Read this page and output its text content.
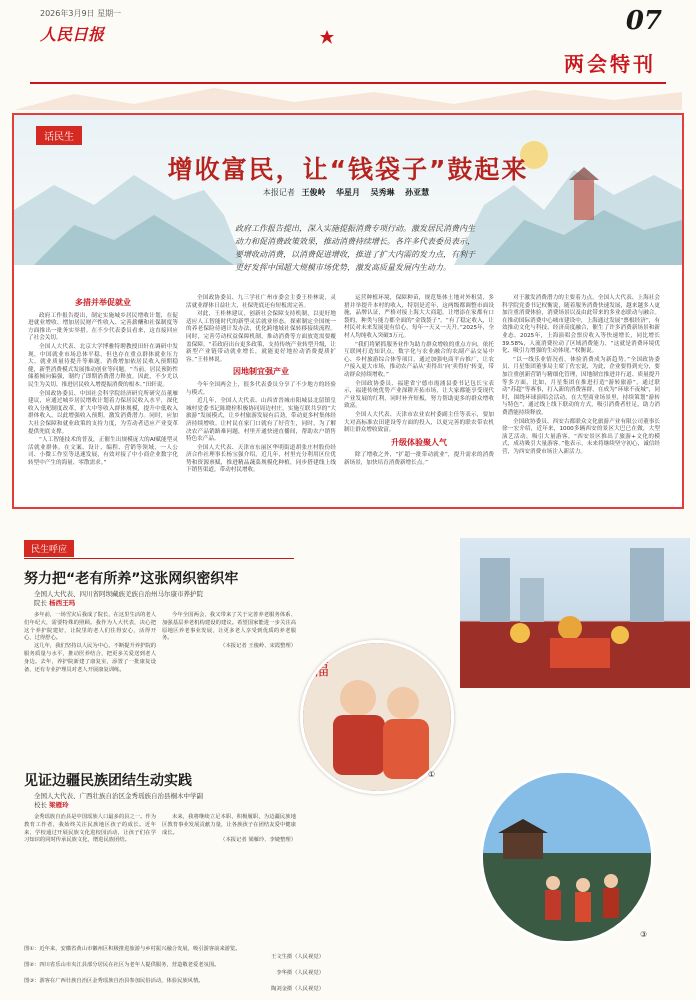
2026年3月9日 星期一	07
人民日报
两会特刊
话民生
增收富民，让“钱袋子”鼓起来
本报记者 王俊岭 华星月 吴秀琳 孙亚慧
政府工作报告提出，深入实施提振消费专项行动。激发居民消费内生动力和促消费政策效果，推动消费持续增长。各许多代表委员表示，要增收动消费，以消费促进增收，推进了扩大内需的发力点，有利于更好发挥中国超大规模市场优势，激发高质量发展内生动力。
多措并举促就业

政府工作报告提出，制定实施城乡居民增收计划，在促进就业增收、增加居民财产性收入、完善薪酬和社保制度等方面推出一批务实举措。在不少代表委员看来，这直接回应了社会关切。

全国人大代表、北京大学博雅特聘教授田轩在调研中发现，中国就业市场总体平稳，但也存在重点群体就业压力大、就业质量待提升等难题。消费增加依居民收入预期稳健，新型消费模式发展推动创业等问题。“当前，居民预防性储蓄倾向偏强，制约了即期消费潜力释放。因此，不少尤以民生为关切，推进居民收入增提振消费的根本。”田轩说。

全国政协委员、中国社会科学院经济研究所研究员董雁建议，应通过城乡居民增收计划着力保居民收入水平，深化收入分配制度改革，扩大中等收入群体规模，提升中低收入群体收入，以此增强收入预期，激发消费潜力。同时，应加大社会保障和就业政策的支持力度，为劳动者适应产业变革提供兜底支撑。

“人工智能技术的普及，正催生出规模庞大的AI赋能型灵活就业群体。在文案、设计、编程、营销等领域，一人公司、小微工作室等迅速发展，有效对接了中小商企业数字化转型中产生的海量、零散需求。”

全国政协委员、九三学社广州市委会主委王桂林说，灵活就业群体日益壮大，社保兜底还有短板需完善。

对此，王桂林建议，创新社会保障支持机制，以更好地适应人工智能时代的新型灵活就业形态。探索制定全国统一的养老保险待遇计发办法，优化跨地域社保转移接续流程。同时，完善劳动权益保障机制，推动消费等方面放宽需要覆盖保障。“若政府出台更多政策，支持传统产业转型升级，让新型产业链带动就业增长，就能更好地拉动消费提质扩容。”王桂林说。

因地制宜强产业

今年全国两会上，很多代表委员分享了不少地方的经验与模式。

近几年，全国人大代表、山西省晋城市阳城县北留镇皇城村党委书记陈晓栓积极协同周边村庄，实施互联共享的“大旅游”发展模式，让乡村旅游发展有后劲，带动更多村集体经济持续增收。让村民在家门口就有了好营生，同时，为了解决农产品销路难问题，村里开通快递直播间，帮助农户销售特色农产品。

全国人大代表、天津市东丽区华明街道胡张庄村股份经济合作社理事长杨宝强介绍，近几年，村里充分利用区位优势和资源禀赋，推进精品蔬菜规模化种植，同步搭建线上线下销售渠道，带动村民增收。

运营种植环境，保障种苗，规范集体土地对外租赁，多措并举提升本村的收入，特别是近年，这两级都调整市面设施，品牌认证，严格对接上海大大商超，让增添在家都有口袋的，种类与能力都全面的“金钱袋子”。“有了稳定收入，让村民对未来发展更有信心，每年一天又一天升。”2025年，全村人均纯收入突破3万元。

“我们将紧抓服务业作为助力群众增收的重点方向，依托互联网打造知识点，数字化与农业融合的农副产品交易中心、乡村旅游综合体等项目，通过加强电商平台推广，让农户接入更大市场，推动农产品从‘卖得出’向‘卖得好’转变，带动群众持续增收。”

全国政协委员、福建省宁德市霞浦县委书记包长宝表示，福建传统优势产业深耕开拓市场，让大家都能享受现代产业发展的红利，同时补齐短板，努力帮助更多的群众增收致富。

全国人大代表、天津市农业农村委副主任等表示，要加大对高标准农田建设等方面的投入，以更完善的联农带农机制让群众增收致富。

升级体验聚人气

除了增收之外，“扩超一批带动就业”，提升需求的消费新场景，加快培育消费新增长点。”

对于激发消费潜力的主要着力点，全国人大代表、上海社会科学院党委书记权衡说，随着服务消费快速发展，越来越多人更加注重消费体验，消费场景以及由此带来的多业态联动与融合。在推动国际消费中心城市建设中，上海通过发展“票根经济”，有效推动文化与科技、经济高度融合，催生了许多消费新场景和新业态。2025年，上海演唱会票房收入等快速增长，同比增长39.58%，人流消费拉动了区域消费能力，“这就是消费环境优化、吸引力增强的生动体现。”权衡说。

“以一线乐业情况看，体验消费成为新趋势。”全国政协委员、月星集团董事局主席丁佐宏说，为此，企业要得到充分，要加注重创新营销与精细化管理，因地制宜推进并行道、质量提升等多方面，比如，月星集团在推进打造“游转旅游”，通过联动“苏超”等赛事，打入新的消费客群，在成为“环球不夜城”，同时，围绕环球演唱会活动，在大型商业场景里，持续策划“游转与特色”，通过线上线下联动的方式，吸引消费者驻足，助力消费潜能持续释放。

全国政协委员、西安古都联众文化旅游产业有限公司董事长徐一宏介绍，近年来，1000多辆西安的景区大巴已在做，大型演艺活动，吸引大量游客，“西安景区推出了旅游+文化的模式，成功吸引大量游客。”他表示，未来将继续坚守初心，诚信经营，为西安消费市场注入新活力。

民生呼应
努力把“老有所养”这张网织密织牢
全国人大代表、四川省阿坝藏族羌族自治州马尔康市养护院
院长 杨西王玛

多年前，一场雪灾后我成了院长，在这里生活的老人们年纪大，需要特殊的照顾。我作为人大代表，决心把这个养护院建好，让院里的老人们住得安心，活得开心，过得舒心。

这几年，我们坚持以人民为中心，不断提升养护院的服务质量与水平，推动医养结合，把更多关爱送到老人身边。去年，养护院新建了康复室，添置了一批康复设备，还有专业护理员对老人开展康复训练。

今年全国两会，我又带来了关于完善养老服务体系、加强基层养老机构建设的建议。希望国家能进一步关注高原地区养老事业发展，让更多老人享受到优质的养老服务。

（本报记者 王俊岭、宋霞整理）

见证边疆民族团结生动实践
全国人大代表、广西壮族自治区金秀瑶族自治县桐木中学副
校长 梁雁玲

金秀瑶族自治县是中国瑶族人口最多的县之一。作为教育工作者，我始终关注民族地区孩子的成长。近年来，学校通过开展民族文化进校园活动，让孩子们在学习知识的同时传承民族文化，增进民族团结。

未来，我将继续立足本职，积极履职，为边疆民族地区教育事业发展贡献力量，让各族孩子在团结友爱中健康成长。

（本报记者 梁雁玲、李婕整理）

福
①
③

图①：近年来，安徽省黄山市徽州区积极推进旅游与乡村振兴融合发展，吸引游客前来游览。
王文生摄（人民视觉）

图②：四川省乐山市夹江县部分居民在社区为老年人提供服务，营造敬老爱老氛围。
李华摄（人民视觉）

图③：游客在广西壮族自治区金秀瑶族自治县参加民俗活动，体验民族风情。
陶刘金摄（人民视觉）
